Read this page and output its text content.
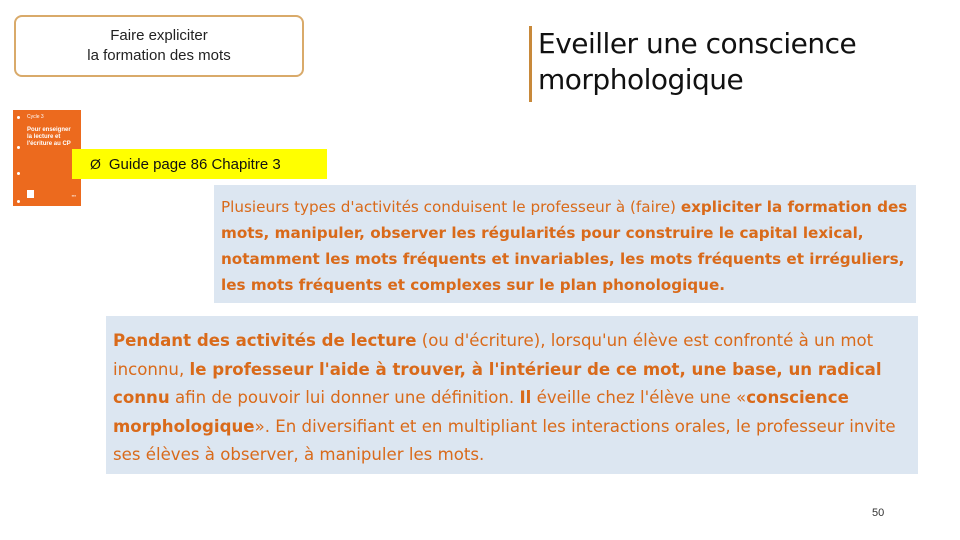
Faire expliciter
la formation des mots	Eveiller une conscience
morphologique
Cycle 3
Pour enseigner la lecture et l'écriture au CP
▪▪▪
Ø Guide page 86 Chapitre 3
Plusieurs types d'activités conduisent le professeur à (faire) expliciter la formation des mots, manipuler, observer les régularités pour construire le capital lexical, notamment les mots fréquents et invariables, les mots fréquents et irréguliers, les mots fréquents et complexes sur le plan phonologique.
Pendant des activités de lecture (ou d'écriture), lorsqu'un élève est confronté à un mot inconnu, le professeur l'aide à trouver, à l'intérieur de ce mot, une base, un radical connu afin de pouvoir lui donner une définition. Il éveille chez l'élève une «conscience morphologique». En diversifiant et en multipliant les interactions orales, le professeur invite ses élèves à observer, à manipuler les mots.
50
